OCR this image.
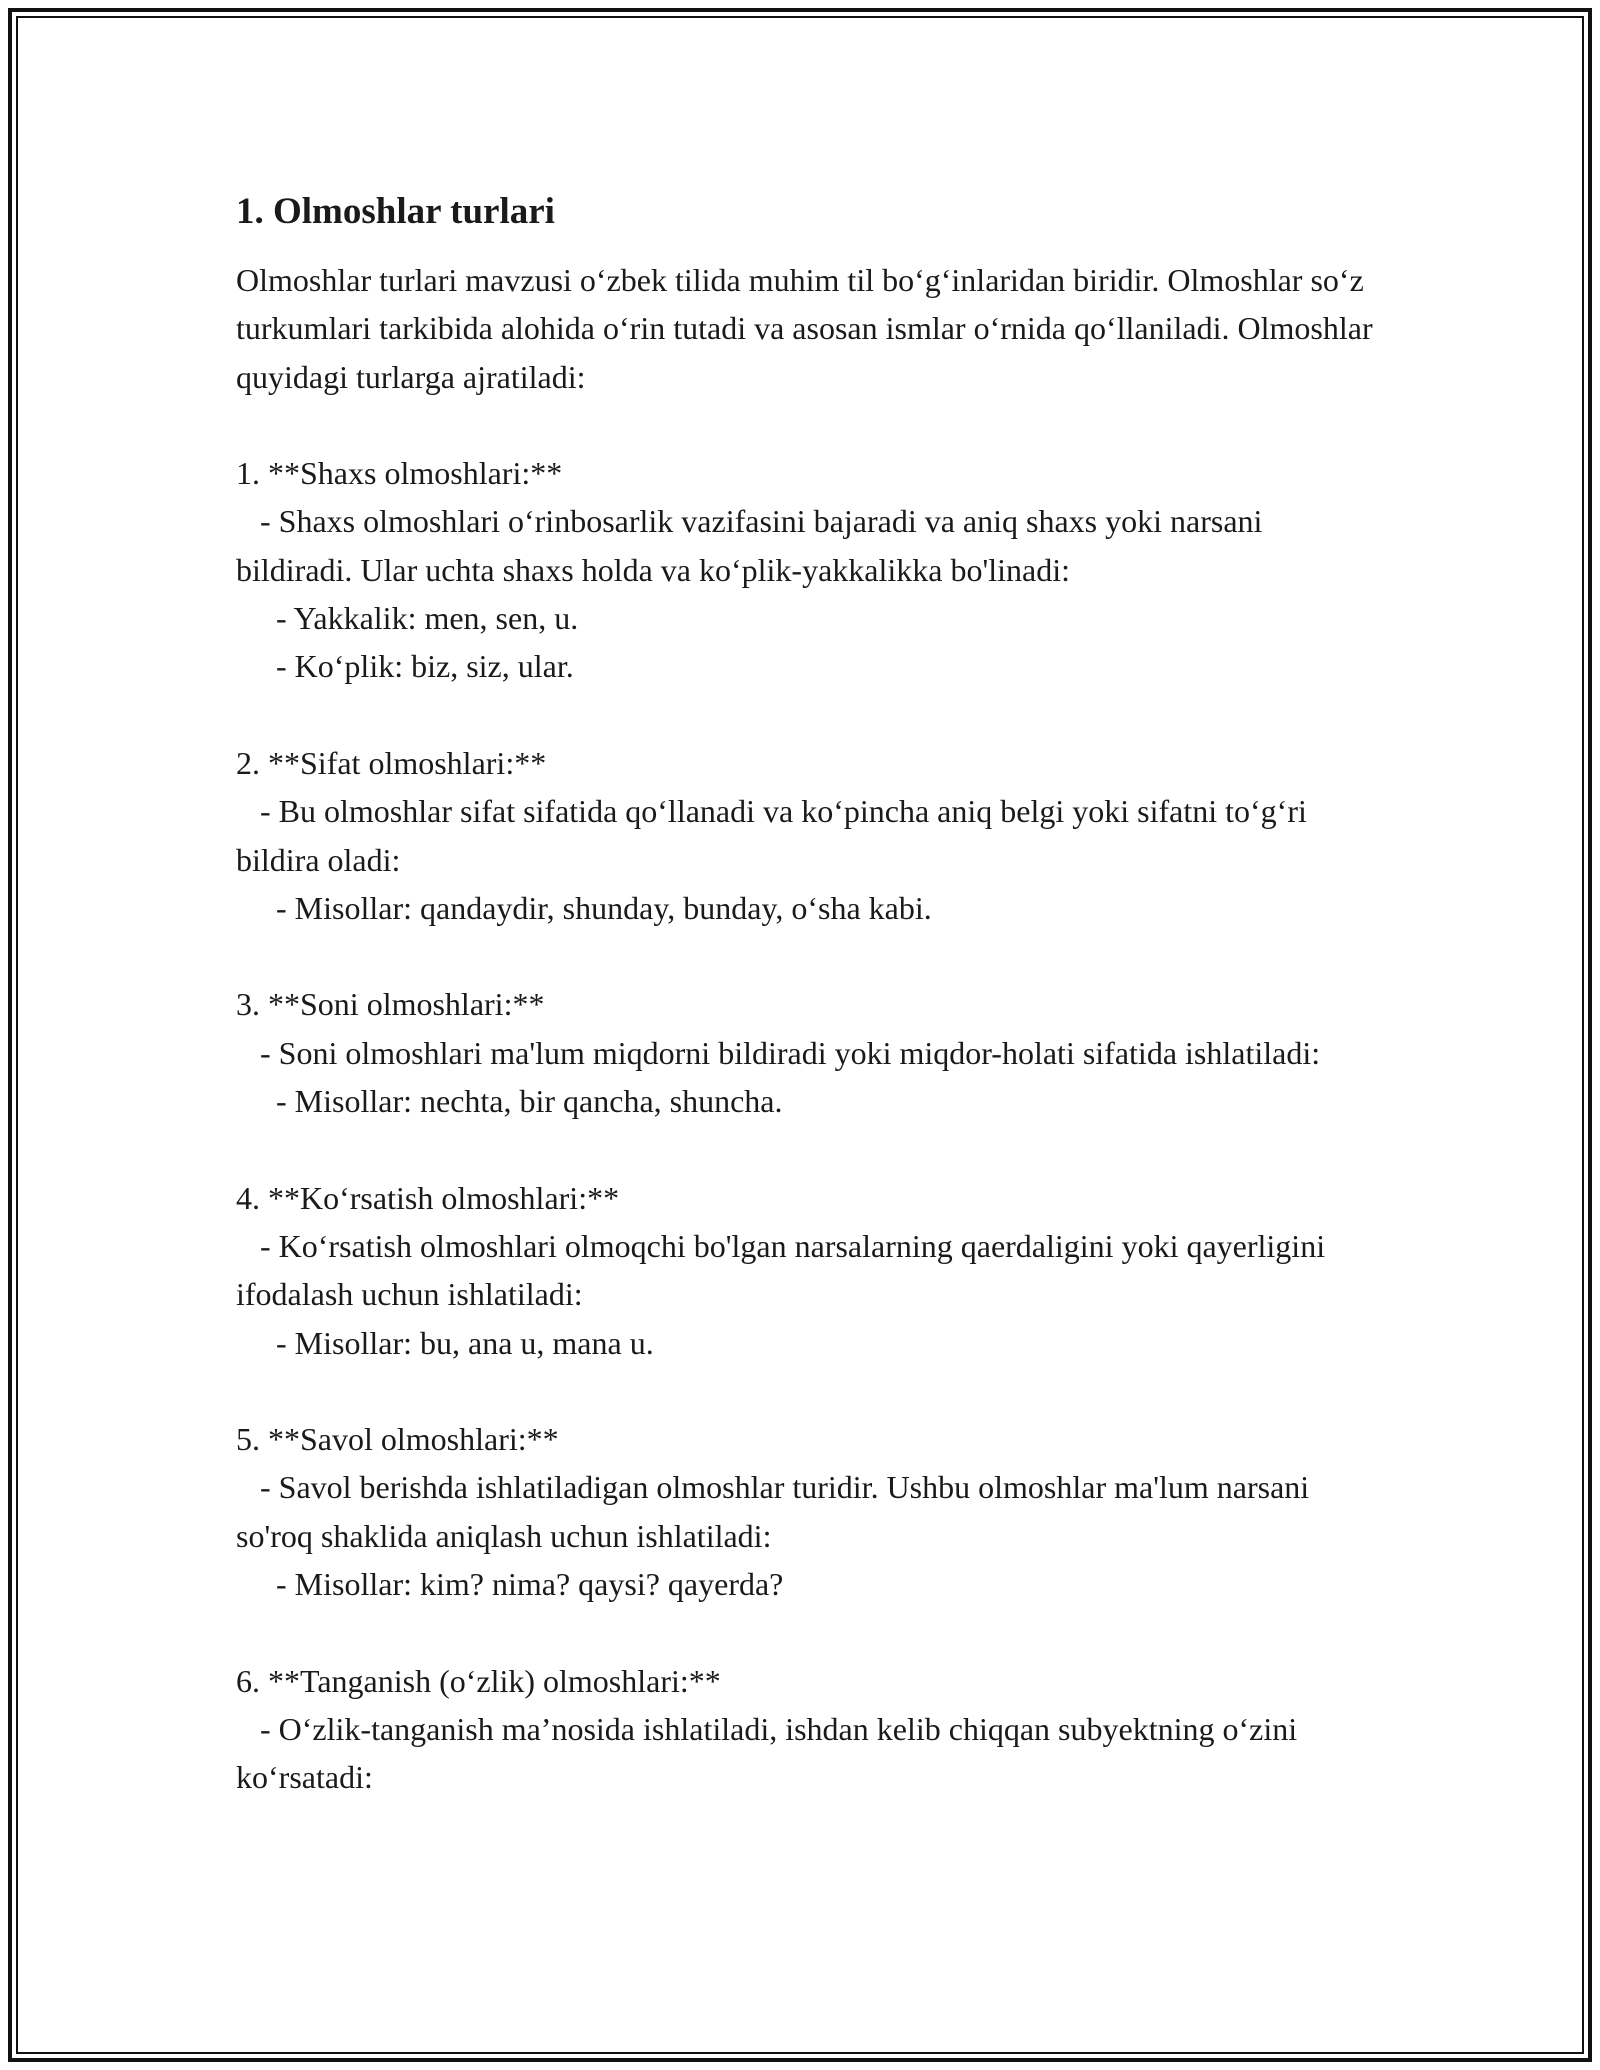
1. Olmoshlar turlari

Olmoshlar turlari mavzusi o‘zbek tilida muhim til bo‘g‘inlaridan biridir. Olmoshlar so‘z turkumlari tarkibida alohida o‘rin tutadi va asosan ismlar o‘rnida qo‘llaniladi. Olmoshlar quyidagi turlarga ajratiladi:

1. **Shaxs olmoshlari:**

- Shaxs olmoshlari o‘rinbosarlik vazifasini bajaradi va aniq shaxs yoki narsani bildiradi. Ular uchta shaxs holda va ko‘plik-yakkalikka bo'linadi:

- Yakkalik: men, sen, u.

- Ko‘plik: biz, siz, ular.

2. **Sifat olmoshlari:**

- Bu olmoshlar sifat sifatida qo‘llanadi va ko‘pincha aniq belgi yoki sifatni to‘g‘ri bildira oladi:

- Misollar: qandaydir, shunday, bunday, o‘sha kabi.

3. **Soni olmoshlari:**

- Soni olmoshlari ma'lum miqdorni bildiradi yoki miqdor-holati sifatida ishlatiladi:

- Misollar: nechta, bir qancha, shuncha.

4. **Ko‘rsatish olmoshlari:**

- Ko‘rsatish olmoshlari olmoqchi bo'lgan narsalarning qaerdaligini yoki qayerligini ifodalash uchun ishlatiladi:

- Misollar: bu, ana u, mana u.

5. **Savol olmoshlari:**

- Savol berishda ishlatiladigan olmoshlar turidir. Ushbu olmoshlar ma'lum narsani so'roq shaklida aniqlash uchun ishlatiladi:

- Misollar: kim? nima? qaysi? qayerda?

6. **Tanganish (o‘zlik) olmoshlari:**

- O‘zlik-tanganish ma’nosida ishlatiladi, ishdan kelib chiqqan subyektning o‘zini ko‘rsatadi:
